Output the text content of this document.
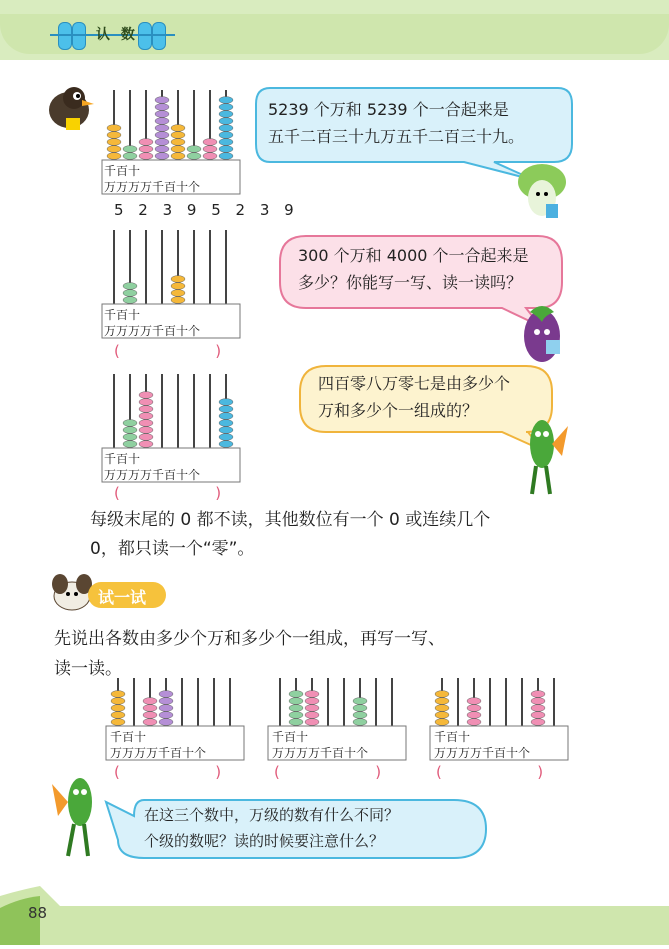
认 数
千百十
万万万万千百十个
5 2 3 9 5 2 3 9
5239 个万和 5239 个一合起来是
五千二百三十九万五千二百三十九。
千百十
万万万万千百十个
(                    )
300 个万和 4000 个一合起来是
多少？你能写一写、读一读吗？
千百十
万万万万千百十个
(                    )
四百零八万零七是由多少个
万和多少个一组成的？
每级末尾的 0 都不读，其他数位有一个 0 或连续几个
0，都只读一个“零”。
试一试
先说出各数由多少个万和多少个一组成，再写一写、
读一读。
千百十
万万万万千百十个
(                    )
千百十
万万万万千百十个
(                    )
千百十
万万万万千百十个
(                    )
在这三个数中，万级的数有什么不同？
个级的数呢？读的时候要注意什么？
88
